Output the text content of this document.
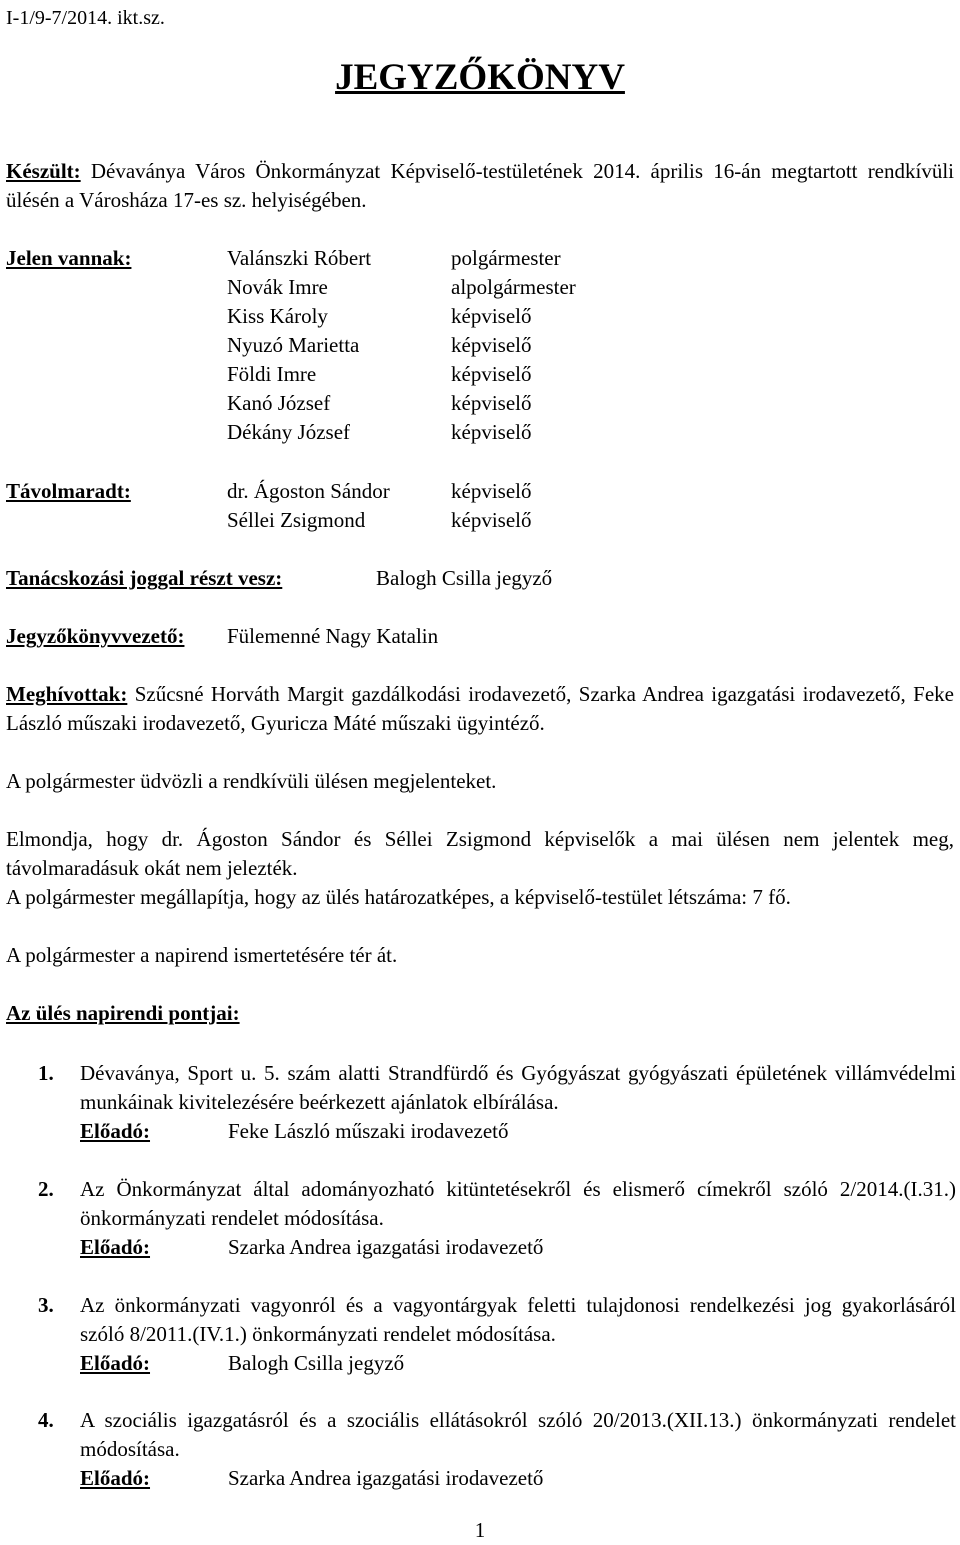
I-1/9-7/2014. ikt.sz.
JEGYZŐKÖNYV
Készült: Dévaványa Város Önkormányzat Képviselő-testületének 2014. április 16-án megtartott rendkívüli ülésén a Városháza 17-es sz. helyiségében.
Jelen vannak:	Valánszki Róbert	polgármester
Novák Imre	alpolgármester
Kiss Károly	képviselő
Nyuzó Marietta	képviselő
Földi Imre	képviselő
Kanó József	képviselő
Dékány József	képviselő
Távolmaradt:	dr. Ágoston Sándor	képviselő
Séllei Zsigmond	képviselő
Tanácskozási joggal részt vesz:	Balogh Csilla jegyző
Jegyzőkönyvvezető: Fülemenné Nagy Katalin
Meghívottak: Szűcsné Horváth Margit gazdálkodási irodavezető, Szarka Andrea igazgatási irodavezető, Feke László műszaki irodavezető, Gyuricza Máté műszaki ügyintéző.
A polgármester üdvözli a rendkívüli ülésen megjelenteket.
Elmondja, hogy dr. Ágoston Sándor és Séllei Zsigmond képviselők a mai ülésen nem jelentek meg, távolmaradásuk okát nem jelezték.
A polgármester megállapítja, hogy az ülés határozatképes, a képviselő-testület létszáma: 7 fő.
A polgármester a napirend ismertetésére tér át.
Az ülés napirendi pontjai:
1. Dévaványa, Sport u. 5. szám alatti Strandfürdő és Gyógyászat gyógyászati épületének villámvédelmi munkáinak kivitelezésére beérkezett ajánlatok elbírálása.
Előadó:	Feke László műszaki irodavezető
2. Az Önkormányzat által adományozható kitüntetésekről és elismerő címekről szóló 2/2014.(I.31.) önkormányzati rendelet módosítása.
Előadó:	Szarka Andrea igazgatási irodavezető
3. Az önkormányzati vagyonról és a vagyontárgyak feletti tulajdonosi rendelkezési jog gyakorlásáról szóló 8/2011.(IV.1.) önkormányzati rendelet módosítása.
Előadó:	Balogh Csilla jegyző
4. A szociális igazgatásról és a szociális ellátásokról szóló 20/2013.(XII.13.) önkormányzati rendelet módosítása.
Előadó:	Szarka Andrea igazgatási irodavezető
1
